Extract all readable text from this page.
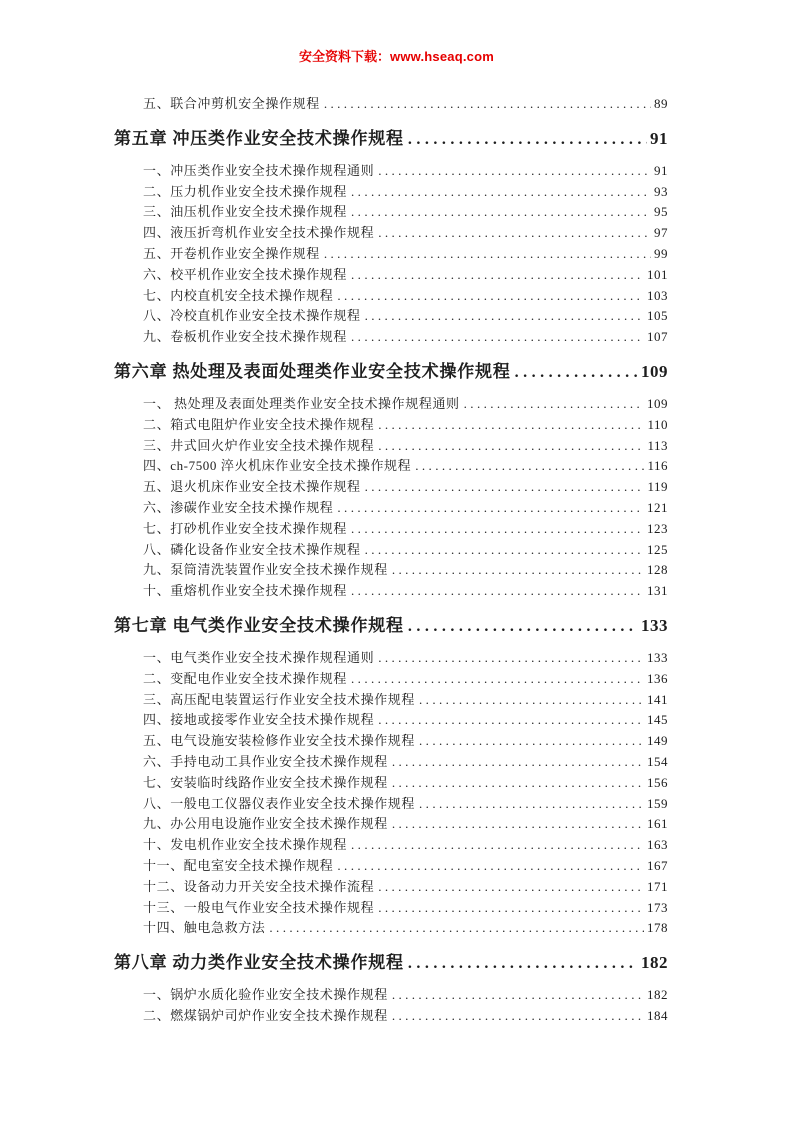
安全资料下载：www.hseaq.com
五、联合冲剪机安全操作规程 .....	89
第五章 冲压类作业安全技术操作规程 .....	91
一、冲压类作业安全技术操作规程通则 .....	91
二、压力机作业安全技术操作规程 .....	93
三、油压机作业安全技术操作规程 .....	95
四、液压折弯机作业安全技术操作规程 .....	97
五、开卷机作业安全操作规程 .....	99
六、校平机作业安全技术操作规程 .....	101
七、内校直机安全技术操作规程 .....	103
八、冷校直机作业安全技术操作规程 .....	105
九、卷板机作业安全技术操作规程 .....	107
第六章 热处理及表面处理类作业安全技术操作规程 .....	109
一、 热处理及表面处理类作业安全技术操作规程通则 .....	109
二、箱式电阻炉作业安全技术操作规程 .....	110
三、井式回火炉作业安全技术操作规程 .....	113
四、ch-7500 淬火机床作业安全技术操作规程 .....	116
五、退火机床作业安全技术操作规程 .....	119
六、渗碳作业安全技术操作规程 .....	121
七、打砂机作业安全技术操作规程 .....	123
八、磷化设备作业安全技术操作规程 .....	125
九、泵筒清洗装置作业安全技术操作规程 .....	128
十、重熔机作业安全技术操作规程 .....	131
第七章 电气类作业安全技术操作规程 .....	133
一、电气类作业安全技术操作规程通则 .....	133
二、变配电作业安全技术操作规程 .....	136
三、高压配电装置运行作业安全技术操作规程 .....	141
四、接地或接零作业安全技术操作规程 .....	145
五、电气设施安装检修作业安全技术操作规程 .....	149
六、手持电动工具作业安全技术操作规程 .....	154
七、安装临时线路作业安全技术操作规程 .....	156
八、一般电工仪器仪表作业安全技术操作规程 .....	159
九、办公用电设施作业安全技术操作规程 .....	161
十、发电机作业安全技术操作规程 .....	163
十一、配电室安全技术操作规程 .....	167
十二、设备动力开关安全技术操作流程 .....	171
十三、一般电气作业安全技术操作规程 .....	173
十四、触电急救方法 .....	178
第八章 动力类作业安全技术操作规程 .....	182
一、锅炉水质化验作业安全技术操作规程 .....	182
二、燃煤锅炉司炉作业安全技术操作规程 .....	184
